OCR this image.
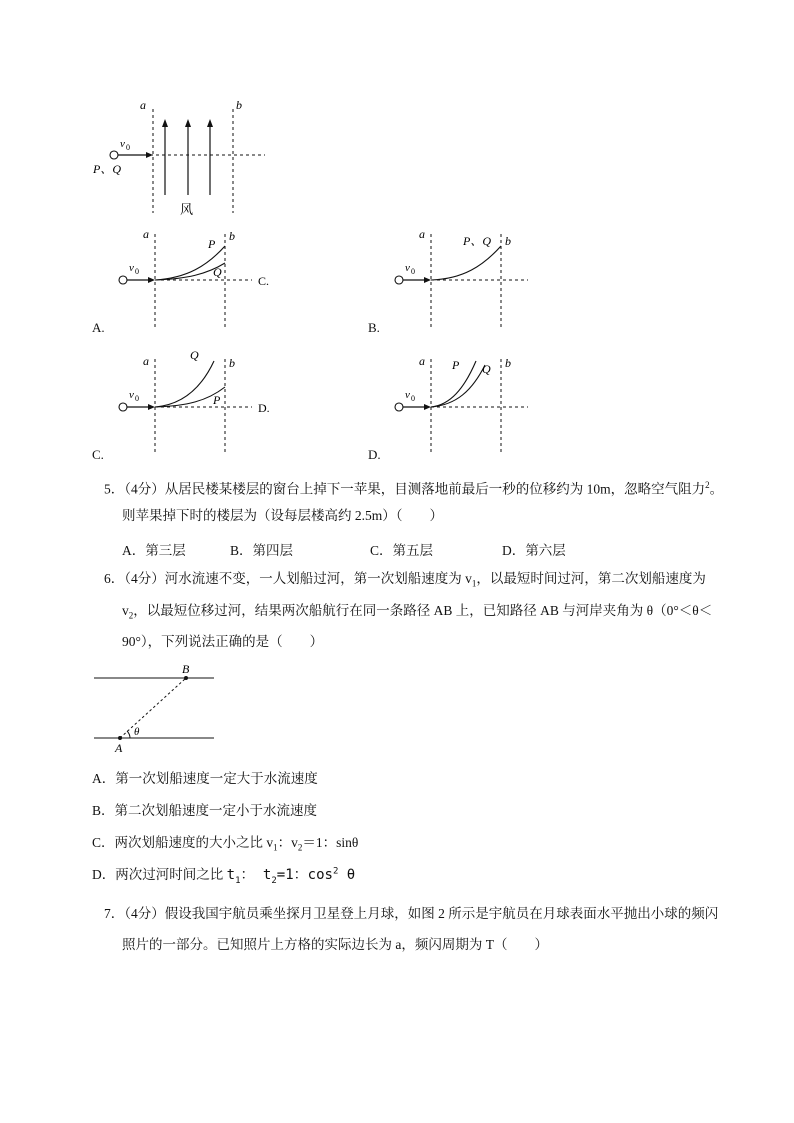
a	b
v 0
P、Q
风
a	b
v 0
P
Q
C.
A.
a	b
v 0
P、Q
B.
a	b
v 0
Q
P
D.
C.
a	b
v 0
P Q
D.
5．（4分）从居民楼某楼层的窗台上掉下一苹果，目测落地前最后一秒的位移约为 10m，忽略空气阻力$^2$。
则苹果掉下时的楼层为（设每层楼高约 2.5m）（　　）
A．第三层	B．第四层	C．第五层	D．第六层
6．（4分）河水流速不变，一人划船过河，第一次划船速度为 $v_1$，以最短时间过河，第二次划船速度为
$v_2$，以最短位移过河，结果两次船航行在同一条路径 AB 上，已知路径 AB 与河岸夹角为 θ（0°＜θ＜
90°），下列说法正确的是（　　）
A
B
θ
A．第一次划船速度一定大于水流速度
B．第二次划船速度一定小于水流速度
C．两次划船速度的大小之比 $v_1$：$v_2=1$：sinθ
D．两次过河时间之比 $t_1$： $t_2=1$：$\cos^2 \theta$
7．（4分）假设我国宇航员乘坐探月卫星登上月球，如图 2 所示是宇航员在月球表面水平抛出小球的频闪
照片的一部分。已知照片上方格的实际边长为 a，频闪周期为 T（　　）
